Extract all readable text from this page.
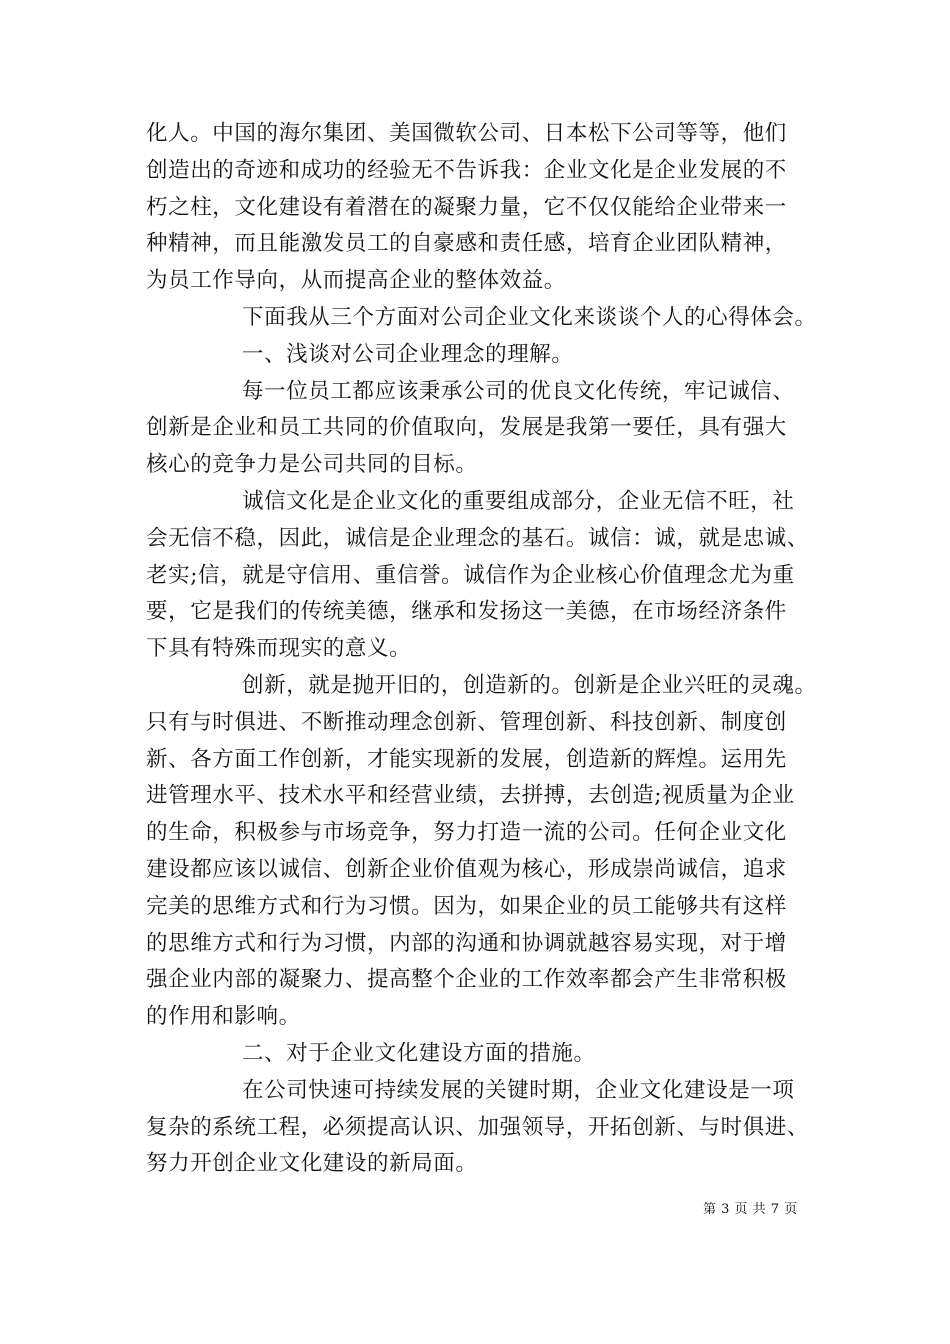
化人。中国的海尔集团、美国微软公司、日本松下公司等等，他们
创造出的奇迹和成功的经验无不告诉我：企业文化是企业发展的不
朽之柱，文化建设有着潜在的凝聚力量，它不仅仅能给企业带来一
种精神，而且能激发员工的自豪感和责任感，培育企业团队精神，
为员工作导向，从而提高企业的整体效益。
下面我从三个方面对公司企业文化来谈谈个人的心得体会。
一、浅谈对公司企业理念的理解。
每一位员工都应该秉承公司的优良文化传统，牢记诚信、
创新是企业和员工共同的价值取向，发展是我第一要任，具有强大
核心的竞争力是公司共同的目标。
诚信文化是企业文化的重要组成部分，企业无信不旺，社
会无信不稳，因此，诚信是企业理念的基石。诚信：诚，就是忠诚、
老实;信，就是守信用、重信誉。诚信作为企业核心价值理念尤为重
要，它是我们的传统美德，继承和发扬这一美德，在市场经济条件
下具有特殊而现实的意义。
创新，就是抛开旧的，创造新的。创新是企业兴旺的灵魂。
只有与时俱进、不断推动理念创新、管理创新、科技创新、制度创
新、各方面工作创新，才能实现新的发展，创造新的辉煌。运用先
进管理水平、技术水平和经营业绩，去拼搏，去创造;视质量为企业
的生命，积极参与市场竞争，努力打造一流的公司。任何企业文化
建设都应该以诚信、创新企业价值观为核心，形成崇尚诚信，追求
完美的思维方式和行为习惯。因为，如果企业的员工能够共有这样
的思维方式和行为习惯，内部的沟通和协调就越容易实现，对于增
强企业内部的凝聚力、提高整个企业的工作效率都会产生非常积极
的作用和影响。
二、对于企业文化建设方面的措施。
在公司快速可持续发展的关键时期，企业文化建设是一项
复杂的系统工程，必须提高认识、加强领导，开拓创新、与时俱进、
努力开创企业文化建设的新局面。
第 3 页 共 7 页
